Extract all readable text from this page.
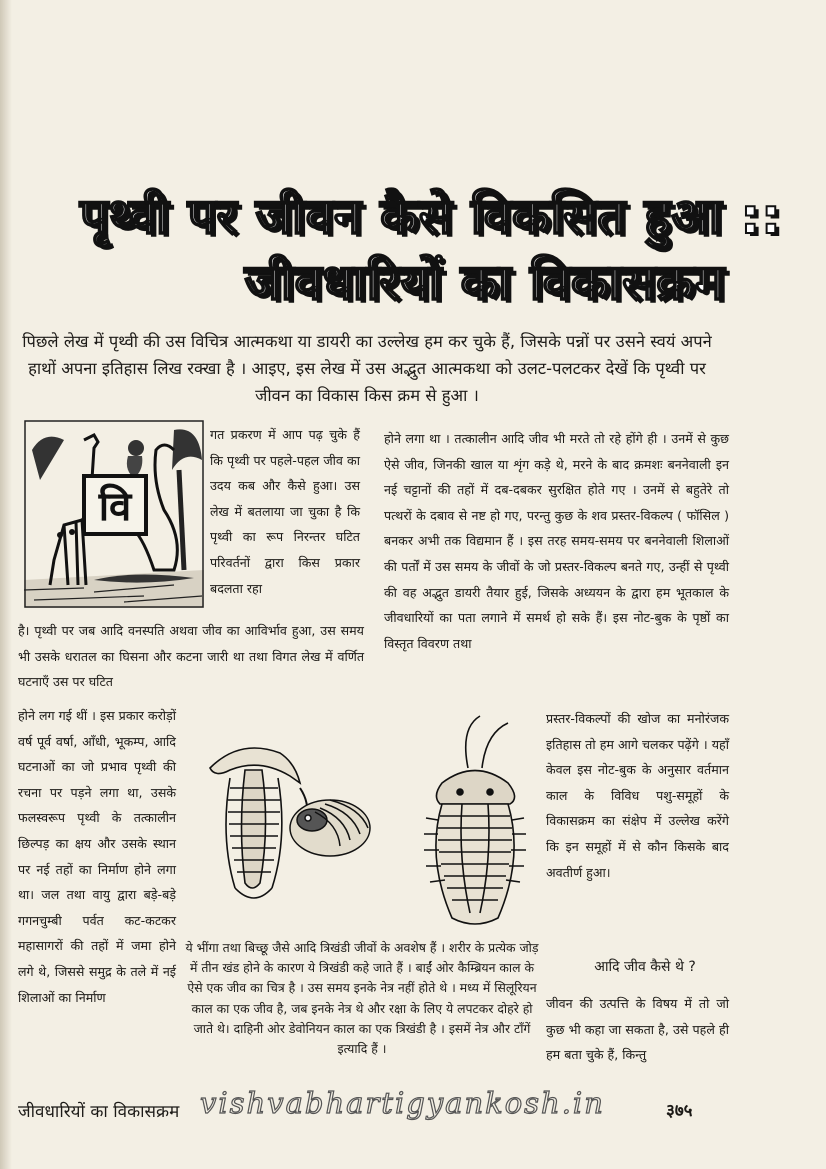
पृथ्वी पर जीवन कैसे विकसित हुआ ::
जीवधारियों का विकासक्रम
पिछले लेख में पृथ्वी की उस विचित्र आत्मकथा या डायरी का उल्लेख हम कर चुके हैं, जिसके पन्नों पर उसने स्वयं अपने हाथों अपना इतिहास लिख रक्खा है । आइए, इस लेख में उस अद्भुत आत्मकथा को उलट-पलटकर देखें कि पृथ्वी पर जीवन का विकास किस क्रम से हुआ ।
वि
गत प्रकरण में आप पढ़ चुके हैं कि पृथ्वी पर पहले-पहल जीव का उदय कब और कैसे हुआ। उस लेख में बतलाया जा चुका है कि पृथ्वी का रूप निरन्तर घटित परिवर्तनों द्वारा किस प्रकार बदलता रहा
है। पृथ्वी पर जब आदि वनस्पति अथवा जीव का आविर्भाव हुआ, उस समय भी उसके धरातल का घिसना और कटना जारी था तथा विगत लेख में वर्णित घटनाएँ उस पर घटित
होने लग गई थीं । इस प्रकार करोड़ों वर्ष पूर्व वर्षा, आँधी, भूकम्प, आदि घटनाओं का जो प्रभाव पृथ्वी की रचना पर पड़ने लगा था, उसके फलस्वरूप पृथ्वी के तत्कालीन छिल्पड़ का क्षय और उसके स्थान पर नई तहों का निर्माण होने लगा था। जल तथा वायु द्वारा बड़े-बड़े गगनचुम्बी पर्वत कट-कटकर महासागरों की तहों में जमा होने लगे थे, जिससे समुद्र के तले में नई शिलाओं का निर्माण
होने लगा था । तत्कालीन आदि जीव भी मरते तो रहे होंगे ही । उनमें से कुछ ऐसे जीव, जिनकी खाल या शृंग कड़े थे, मरने के बाद क्रमशः बननेवाली इन नई चट्टानों की तहों में दब-दबकर सुरक्षित होते गए । उनमें से बहुतेरे तो पत्थरों के दबाव से नष्ट हो गए, परन्तु कुछ के शव प्रस्तर-विकल्प ( फॉसिल ) बनकर अभी तक विद्यमान हैं । इस तरह समय-समय पर बननेवाली शिलाओं की पर्तों में उस समय के जीवों के जो प्रस्तर-विकल्प बनते गए, उन्हीं से पृथ्वी की वह अद्भुत डायरी तैयार हुई, जिसके अध्ययन के द्वारा हम भूतकाल के जीवधारियों का पता लगाने में समर्थ हो सके हैं। इस नोट-बुक के पृष्ठों का विस्तृत विवरण तथा
प्रस्तर-विकल्पों की खोज का मनोरंजक इतिहास तो हम आगे चलकर पढ़ेंगे । यहाँ केवल इस नोट-बुक के अनुसार वर्तमान काल के विविध पशु-समूहों के विकासक्रम का संक्षेप में उल्लेख करेंगे कि इन समूहों में से कौन किसके बाद अवतीर्ण हुआ।
आदि जीव कैसे थे ?
जीवन की उत्पत्ति के विषय में तो जो कुछ भी कहा जा सकता है, उसे पहले ही हम बता चुके हैं, किन्तु
ये भींगा तथा बिच्छू जैसे आदि त्रिखंडी जीवों के अवशेष हैं । शरीर के प्रत्येक जोड़ में तीन खंड होने के कारण ये त्रिखंडी कहे जाते हैं । बाईं ओर कैम्ब्रियन काल के ऐसे एक जीव का चित्र है । उस समय इनके नेत्र नहीं होते थे । मध्य में सिलूरियन काल का एक जीव है, जब इनके नेत्र थे और रक्षा के लिए ये लपटकर दोहरे हो जाते थे। दाहिनी ओर डेवोनियन काल का एक त्रिखंडी है । इसमें नेत्र और टाँगें इत्यादि हैं ।
जीवधारियों का विकासक्रम vishvabhartigyankosh.in	३७५
